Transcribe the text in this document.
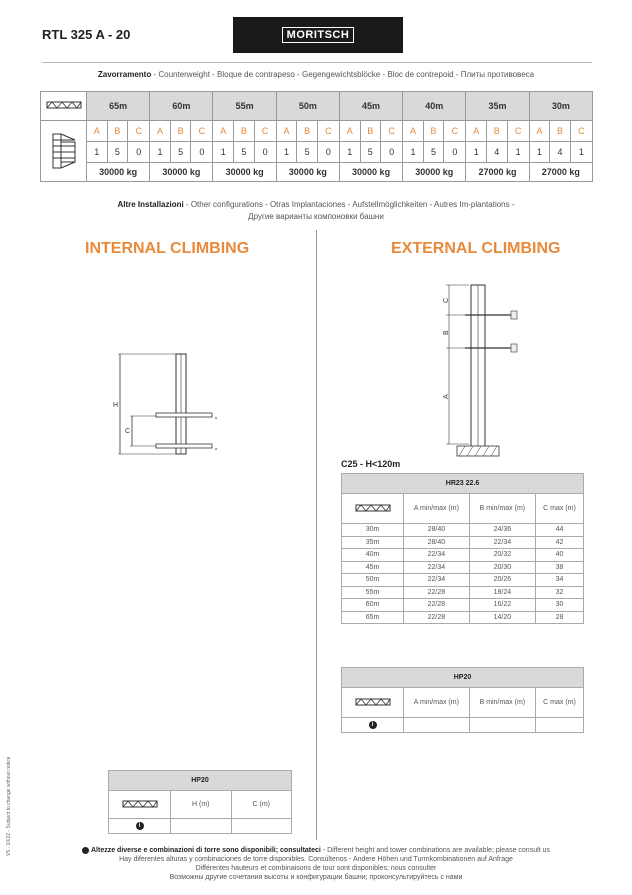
RTL 325 A - 20	MORITSCH
Zavorramento - Counterweight - Bloque de contrapeso - Gegengewichtsblöcke - Bloc de contrepoid - Плиты противовеса
	65m			60m			55m			50m			45m			40m			35m			30m		
	A	B	C	A	B	C	A	B	C	A	B	C	A	B	C	A	B	C	A	B	C	A	B	C
	1	5	0	1	5	0	1	5	0	1	5	0	1	5	0	1	5	0	1	4	1	1	4	1
	30000 kg			30000 kg			30000 kg			30000 kg			30000 kg			30000 kg			27000 kg			27000 kg		
Altre Installazioni - Other configurations - Otras Implantaciones - Aufstellmöglichkeiten - Autres Im-plantations -
Другие варианты компоновки башни
INTERNAL CLIMBING	EXTERNAL CLIMBING
H
C
C
B
A
C25 - H<120m
HR23 22.6			
	A min/max (m)	B min/max (m)	C max (m)
30m	28/40	24/36	44
35m	28/40	22/34	42
40m	22/34	20/32	40
45m	22/34	20/30	38
50m	22/34	20/26	34
55m	22/28	18/24	32
60m	22/28	16/22	30
65m	22/28	14/20	28
HP20			
	A min/max (m)	B min/max (m)	C max (m)
i			
HP20		
	H (m)	C (m)
i		
Altezze diverse e combinazioni di torre sono disponibili; consultateci - Different height and tower combinations are available; please consult us
Hay diferentes alturas y combinaciones de torre disponibles. Consúltenos - Andere Höhen und Turmkombinationen auf Anfrage
Différentes hauteurs et combinaisons de tour sont disponibles; nous consulter
Возможны другие сочетания высоты и конфигурации башни; проконсультируйтесь с нами
V5 - 10/22 - Subject to change without notice
